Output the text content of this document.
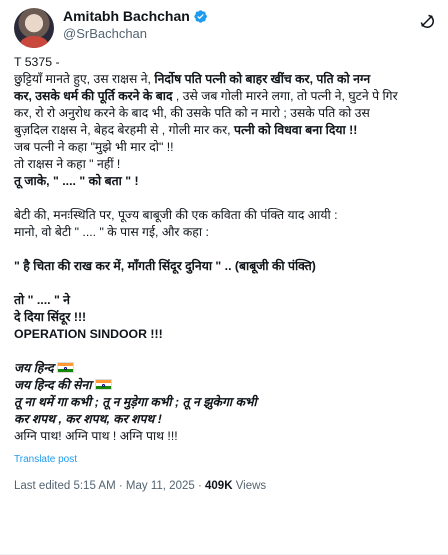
Amitabh Bachchan
@SrBachchan
T 5375 -
छुट्टियाँ मानते हुए, उस राक्षस ने, निर्दोष पति पत्नी को बाहर खींच कर, पति को नग्न
कर, उसके धर्म की पूर्ति करने के बाद , उसे जब गोली मारने लगा, तो पत्नी ने, घुटने पे गिर
कर, रो रो अनुरोध करने के बाद भी, की उसके पति को न मारो ; उसके पति को उस
बुज़दिल राक्षस ने, बेहद बेरहमी से , गोली मार कर, पत्नी को विधवा बना दिया !!
जब पत्नी ने कहा "मुझे भी मार दो" !!
तो राक्षस ने कहा " नहीं !
तू जाके, " .... " को बता " !
बेटी की, मनःस्थिति पर, पूज्य बाबूजी की एक कविता की पंक्ति याद आयी :
मानो, वो बेटी " .... " के पास गई, और कहा :
" है चिता की राख कर में, माँगती सिंदूर दुनिया " .. (बाबूजी की पंक्ति)
तो " .... " ने
दे दिया सिंदूर !!!
OPERATION SINDOOR !!!
जय हिन्द
जय हिन्द की सेना
तू ना थमें गा कभी ; तू न मुड़ेगा कभी ; तू न झुकेगा कभी
कर शपथ , कर शपथ, कर शपथ !
अग्नि पाथ! अग्नि पाथ ! अग्नि पाथ !!!
Translate post
Last edited 5:15 AM · May 11, 2025 · 409K Views
